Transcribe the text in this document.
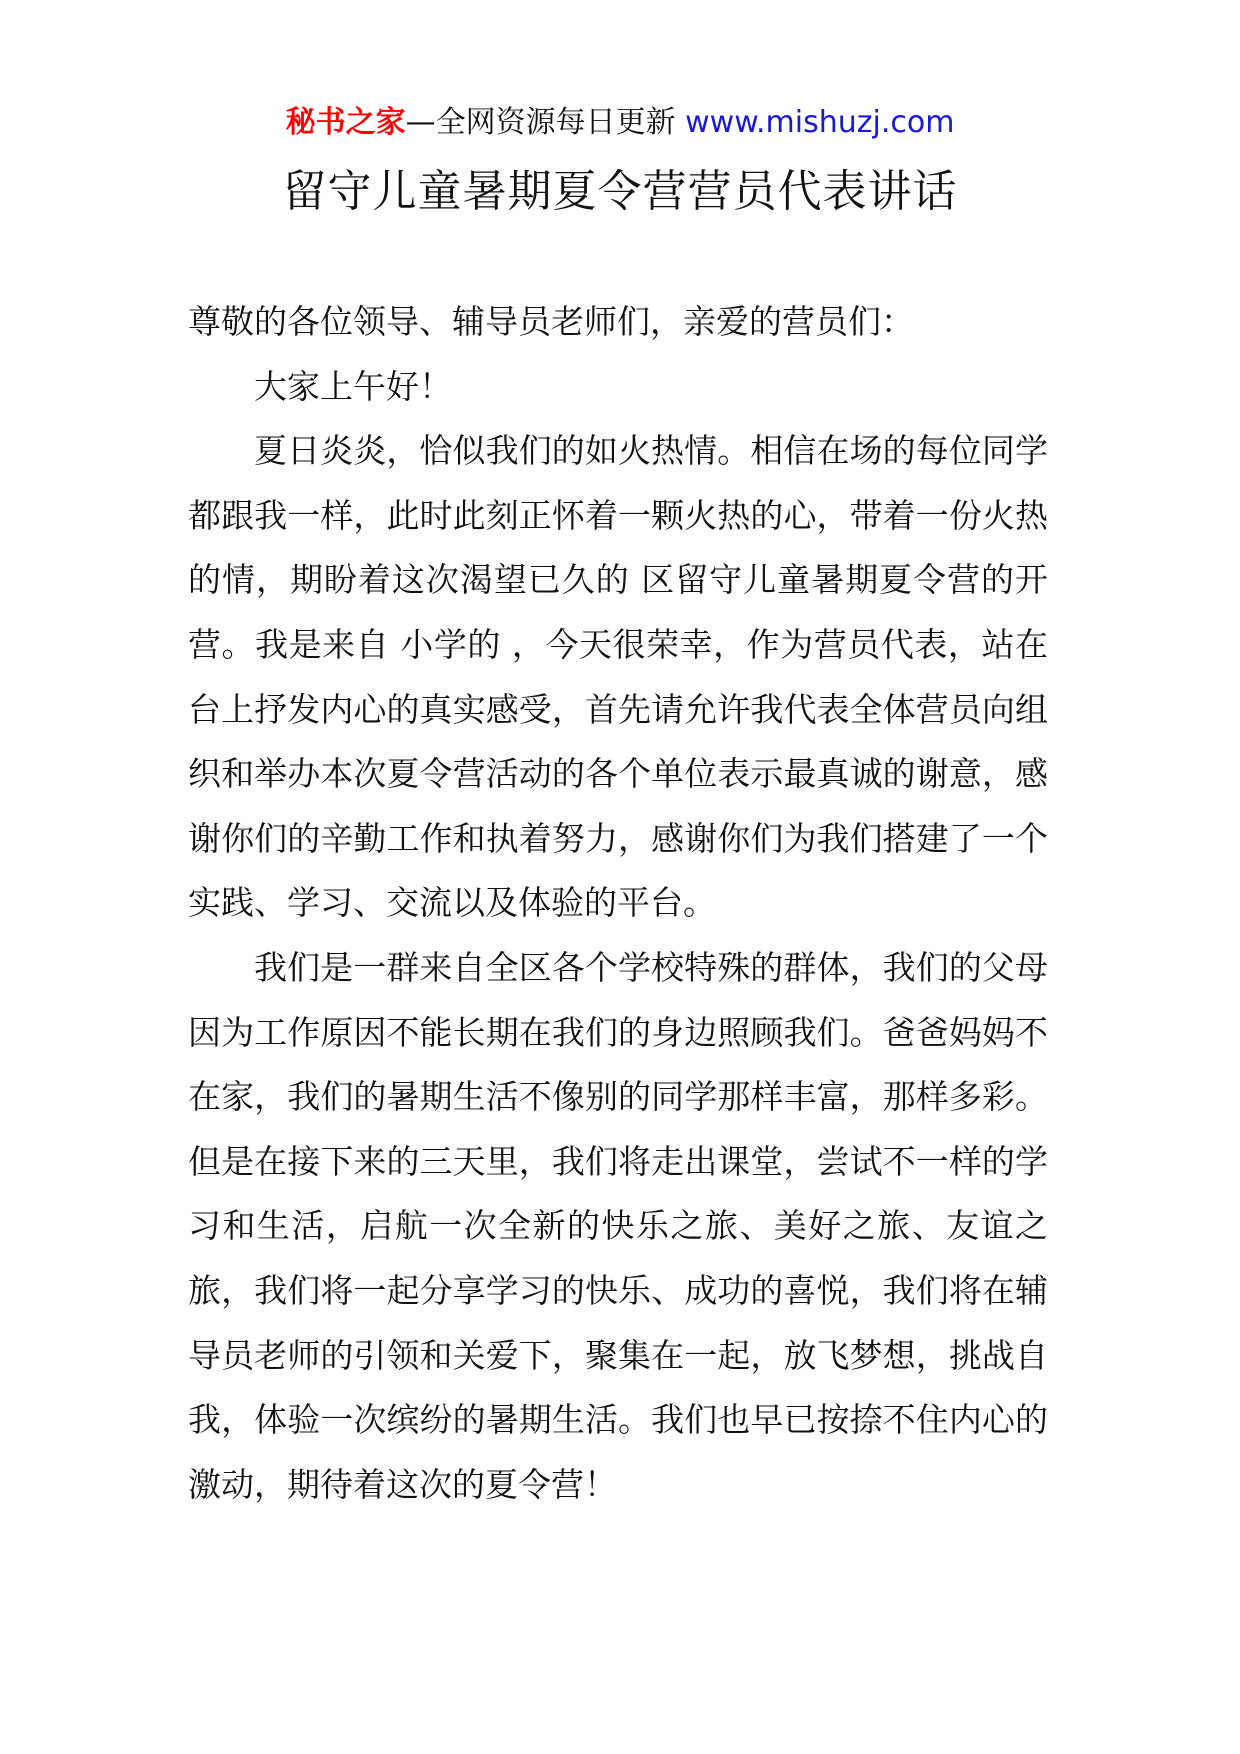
秘书之家—全网资源每日更新 www.mishuzj.com
留守儿童暑期夏令营营员代表讲话

尊敬的各位领导、辅导员老师们，亲爱的营员们：

大家上午好！

夏日炎炎，恰似我们的如火热情。相信在场的每位同学都跟我一样，此时此刻正怀着一颗火热的心，带着一份火热的情，期盼着这次渴望已久的 区留守儿童暑期夏令营的开营。我是来自 小学的 ，今天很荣幸，作为营员代表，站在台上抒发内心的真实感受，首先请允许我代表全体营员向组织和举办本次夏令营活动的各个单位表示最真诚的谢意，感谢你们的辛勤工作和执着努力，感谢你们为我们搭建了一个实践、学习、交流以及体验的平台。

我们是一群来自全区各个学校特殊的群体，我们的父母因为工作原因不能长期在我们的身边照顾我们。爸爸妈妈不在家，我们的暑期生活不像别的同学那样丰富，那样多彩。但是在接下来的三天里，我们将走出课堂，尝试不一样的学习和生活，启航一次全新的快乐之旅、美好之旅、友谊之旅，我们将一起分享学习的快乐、成功的喜悦，我们将在辅导员老师的引领和关爱下，聚集在一起，放飞梦想，挑战自我，体验一次缤纷的暑期生活。我们也早已按捺不住内心的激动，期待着这次的夏令营！
